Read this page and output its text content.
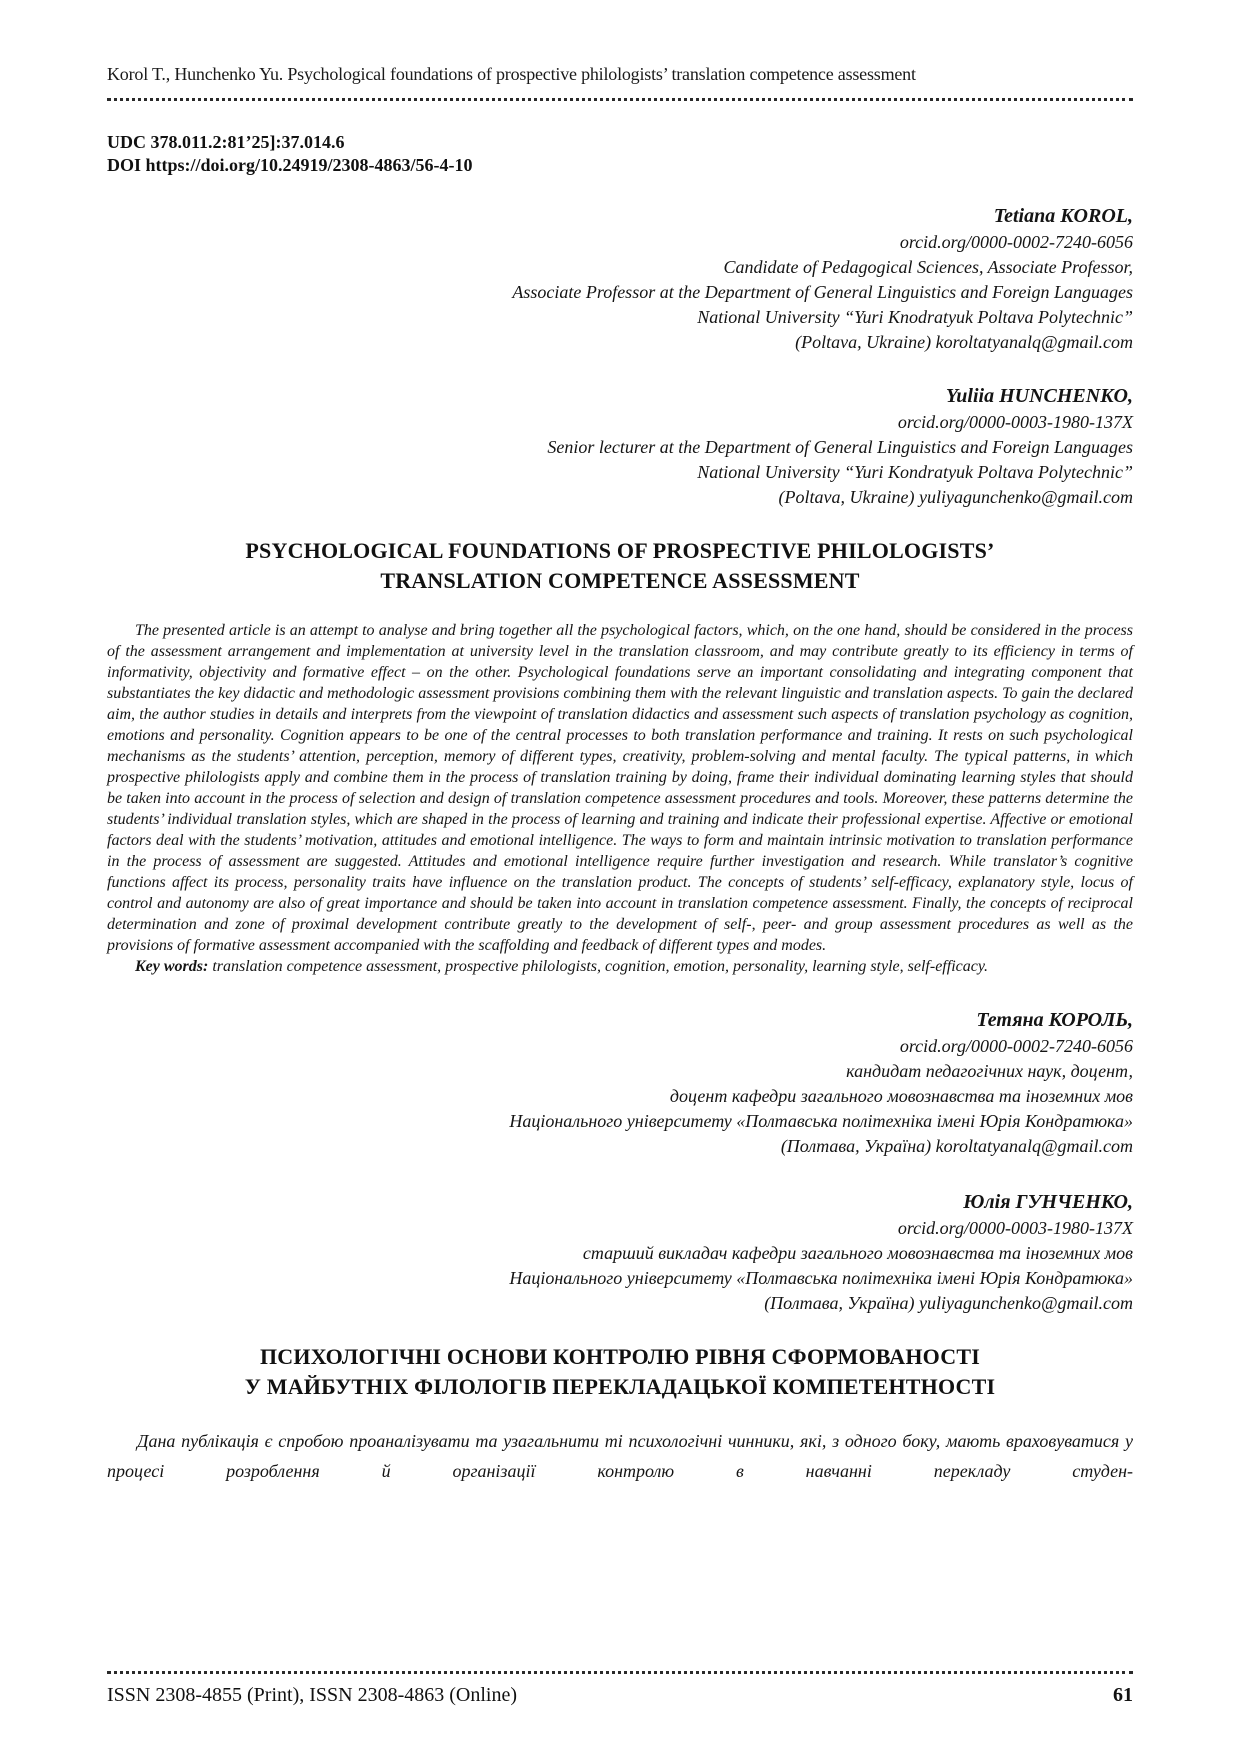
Korol T., Hunchenko Yu. Psychological foundations of prospective philologists’ translation competence assessment
UDC 378.011.2:81’25]:37.014.6
DOI https://doi.org/10.24919/2308-4863/56-4-10
Tetiana KOROL,
orcid.org/0000-0002-7240-6056
Candidate of Pedagogical Sciences, Associate Professor,
Associate Professor at the Department of General Linguistics and Foreign Languages
National University “Yuri Knodratyuk Poltava Polytechnic”
(Poltava, Ukraine) koroltatyanalq@gmail.com
Yuliia HUNCHENKO,
orcid.org/0000-0003-1980-137X
Senior lecturer at the Department of General Linguistics and Foreign Languages
National University “Yuri Kondratyuk Poltava Polytechnic”
(Poltava, Ukraine) yuliyagunchenko@gmail.com
PSYCHOLOGICAL FOUNDATIONS OF PROSPECTIVE PHILOLOGISTS’
TRANSLATION COMPETENCE ASSESSMENT

The presented article is an attempt to analyse and bring together all the psychological factors, which, on the one hand, should be considered in the process of the assessment arrangement and implementation at university level in the translation classroom, and may contribute greatly to its efficiency in terms of informativity, objectivity and formative effect – on the other. Psychological foundations serve an important consolidating and integrating component that substantiates the key didactic and methodologic assessment provisions combining them with the relevant linguistic and translation aspects. To gain the declared aim, the author studies in details and interprets from the viewpoint of translation didactics and assessment such aspects of translation psychology as cognition, emotions and personality. Cognition appears to be one of the central processes to both translation performance and training. It rests on such psychological mechanisms as the students’ attention, perception, memory of different types, creativity, problem-solving and mental faculty. The typical patterns, in which prospective philologists apply and combine them in the process of translation training by doing, frame their individual dominating learning styles that should be taken into account in the process of selection and design of translation competence assessment procedures and tools. Moreover, these patterns determine the students’ individual translation styles, which are shaped in the process of learning and training and indicate their professional expertise. Affective or emotional factors deal with the students’ motivation, attitudes and emotional intelligence. The ways to form and maintain intrinsic motivation to translation performance in the process of assessment are suggested. Attitudes and emotional intelligence require further investigation and research. While translator’s cognitive functions affect its process, personality traits have influence on the translation product. The concepts of students’ self-efficacy, explanatory style, locus of control and autonomy are also of great importance and should be taken into account in translation competence assessment. Finally, the concepts of reciprocal determination and zone of proximal development contribute greatly to the development of self-, peer- and group assessment procedures as well as the provisions of formative assessment accompanied with the scaffolding and feedback of different types and modes.

Key words: translation competence assessment, prospective philologists, cognition, emotion, personality, learning style, self-efficacy.

Тетяна КОРОЛЬ,
orcid.org/0000-0002-7240-6056
кандидат педагогічних наук, доцент,
доцент кафедри загального мовознавства та іноземних мов
Національного університету «Полтавська політехніка імені Юрія Кондратюка»
(Полтава, Україна) koroltatyanalq@gmail.com
Юлія ГУНЧЕНКО,
orcid.org/0000-0003-1980-137X
старший викладач кафедри загального мовознавства та іноземних мов
Національного університету «Полтавська політехніка імені Юрія Кондратюка»
(Полтава, Україна) yuliyagunchenko@gmail.com
ПСИХОЛОГІЧНІ ОСНОВИ КОНТРОЛЮ РІВНЯ СФОРМОВАНОСТІ
У МАЙБУТНІХ ФІЛОЛОГІВ ПЕРЕКЛАДАЦЬКОЇ КОМПЕТЕНТНОСТІ

Дана публікація є спробою проаналізувати та узагальнити ті психологічні чинники, які, з одного боку, мають враховуватися у процесі розроблення й організації контролю в навчанні перекладу студен-

ISSN 2308-4855 (Print), ISSN 2308-4863 (Online)	61
